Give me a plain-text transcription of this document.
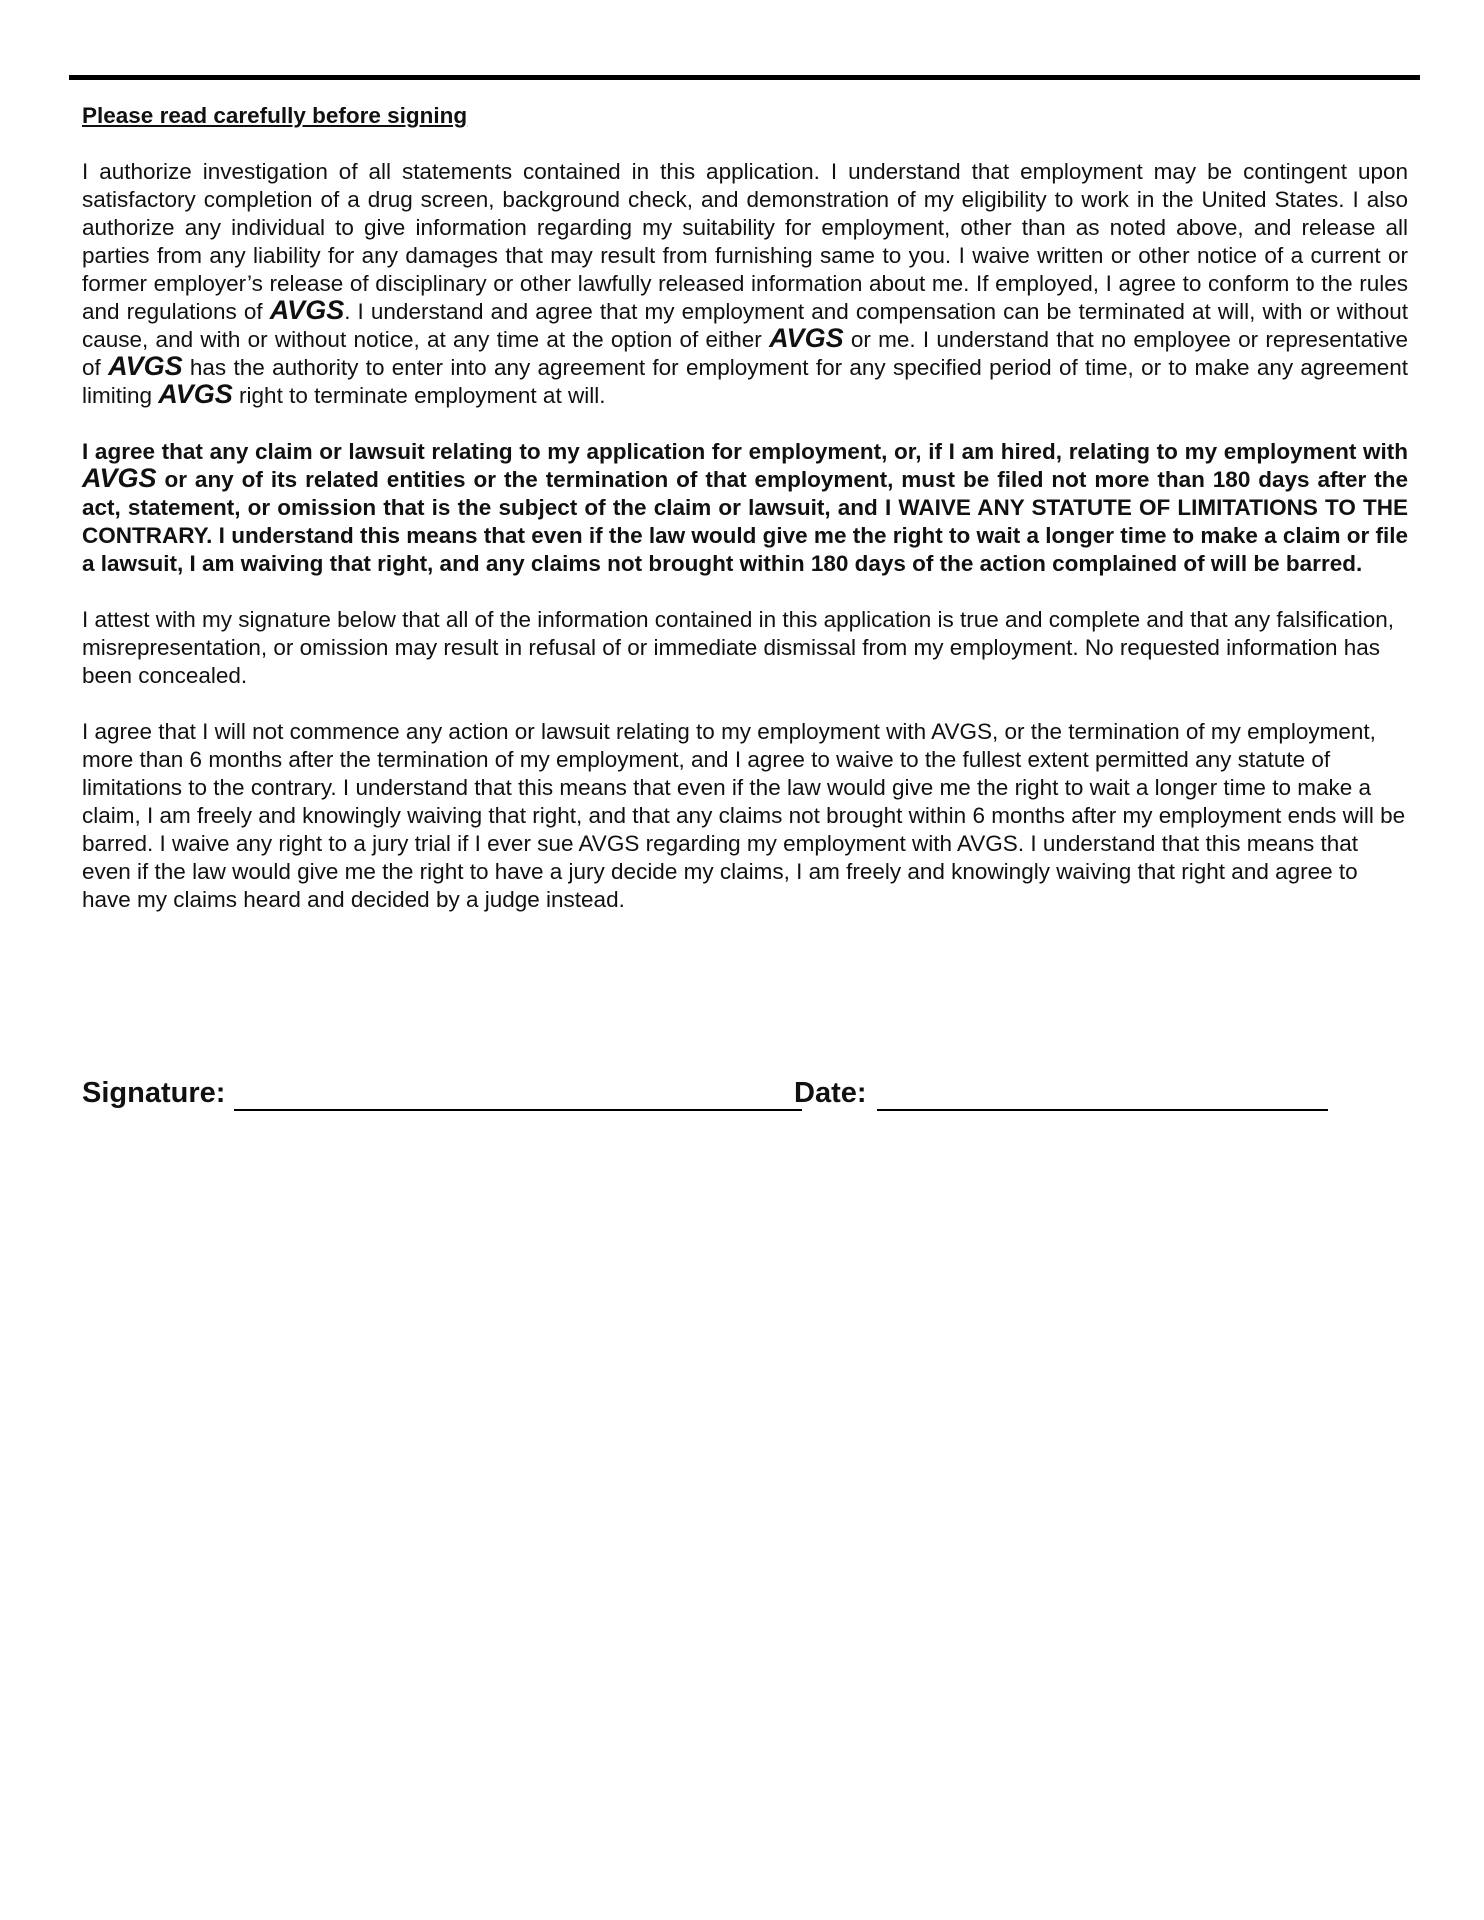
Please read carefully before signing

I authorize investigation of all statements contained in this application. I understand that employment may be contingent upon satisfactory completion of a drug screen, background check, and demonstration of my eligibility to work in the United States. I also authorize any individual to give information regarding my suitability for employment, other than as noted above, and release all parties from any liability for any damages that may result from furnishing same to you. I waive written or other notice of a current or former employer’s release of disciplinary or other lawfully released information about me. If employed, I agree to conform to the rules and regulations of AVGS. I understand and agree that my employment and compensation can be terminated at will, with or without cause, and with or without notice, at any time at the option of either AVGS or me. I understand that no employee or representative of AVGS has the authority to enter into any agreement for employment for any specified period of time, or to make any agreement limiting AVGS right to terminate employment at will.

I agree that any claim or lawsuit relating to my application for employment, or, if I am hired, relating to my employment with AVGS or any of its related entities or the termination of that employment, must be filed not more than 180 days after the act, statement, or omission that is the subject of the claim or lawsuit, and I WAIVE ANY STATUTE OF LIMITATIONS TO THE CONTRARY. I understand this means that even if the law would give me the right to wait a longer time to make a claim or file a lawsuit, I am waiving that right, and any claims not brought within 180 days of the action complained of will be barred.

I attest with my signature below that all of the information contained in this application is true and complete and that any falsification, misrepresentation, or omission may result in refusal of or immediate dismissal from my employment. No requested information has been concealed.

I agree that I will not commence any action or lawsuit relating to my employment with AVGS, or the termination of my employment, more than 6 months after the termination of my employment, and I agree to waive to the fullest extent permitted any statute of limitations to the contrary. I understand that this means that even if the law would give me the right to wait a longer time to make a claim, I am freely and knowingly waiving that right, and that any claims not brought within 6 months after my employment ends will be barred. I waive any right to a jury trial if I ever sue AVGS regarding my employment with AVGS. I understand that this means that even if the law would give me the right to have a jury decide my claims, I am freely and knowingly waiving that right and agree to have my claims heard and decided by a judge instead.

Signature:	Date:
